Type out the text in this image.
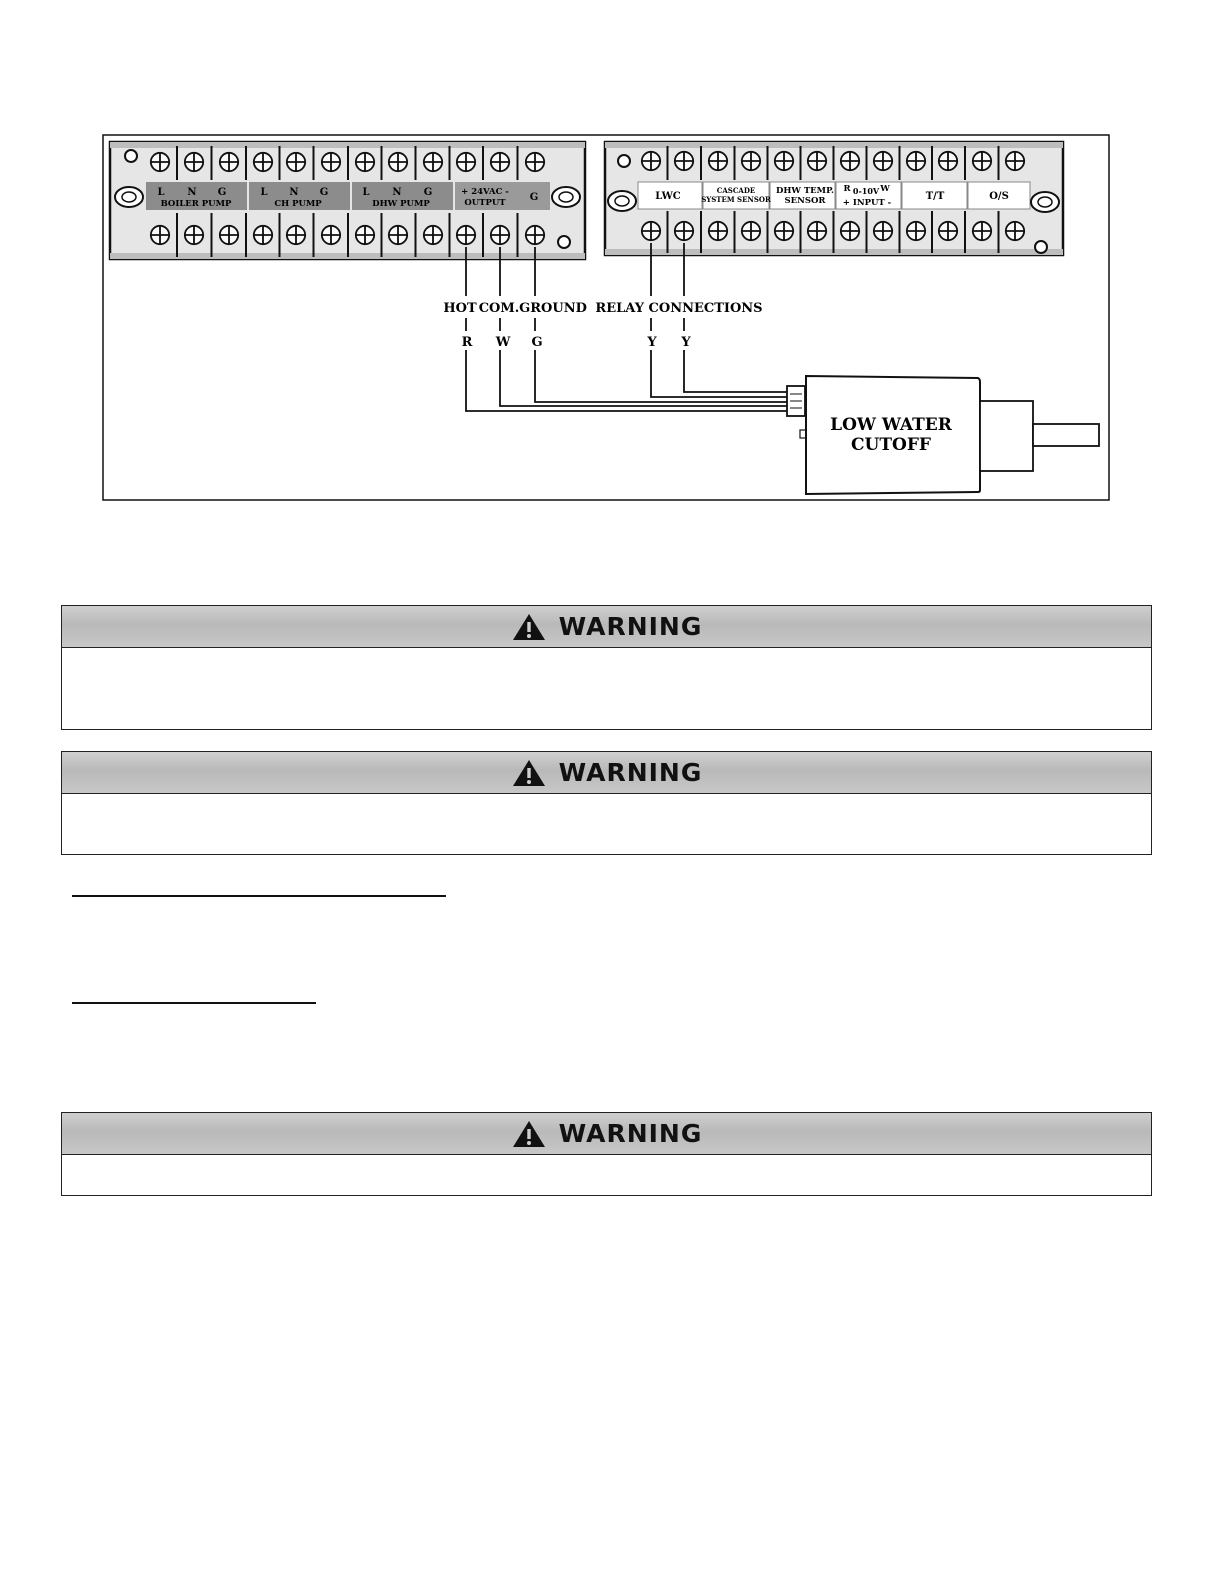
L N G
BOILER PUMP
L N G
CH PUMP
L N G
DHW PUMP
+ 24VAC -
OUTPUT G	LWC
CASCADE
SYSTEM SENSOR
DHW TEMP.
SENSOR
R 0-10V W
+ INPUT -
T/T	O/S
HOT COM. GROUND RELAY CONNECTIONS
R W G	Y Y
LOW WATER
CUTOFF
WARNING
WARNING
WARNING
